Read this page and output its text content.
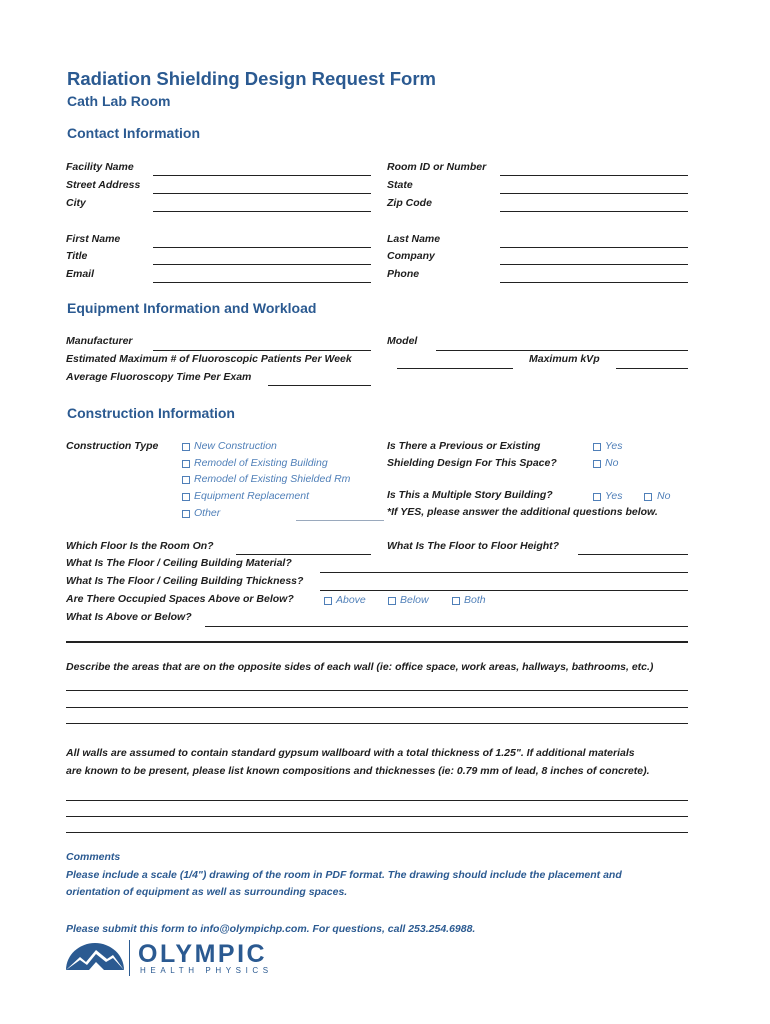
Radiation Shielding Design Request Form
Cath Lab Room
Contact Information
Facility Name	Room ID or Number
Street Address	State
City	Zip Code
First Name	Last Name
Title	Company
Email	Phone
Equipment Information and Workload
Manufacturer	Model
Estimated Maximum # of Fluoroscopic Patients Per Week	Maximum kVp
Average Fluoroscopy Time Per Exam
Construction Information
Construction Type	New Construction
Remodel of Existing Building
Remodel of Existing Shielded Rm
Equipment Replacement
Other
Is There a Previous or Existing
Shielding Design For This Space?
Yes
No
Is This a Multiple Story Building?	Yes	No
*If YES, please answer the additional questions below.
Which Floor Is the Room On?	What Is The Floor to Floor Height?
What Is The Floor / Ceiling Building Material?
What Is The Floor / Ceiling Building Thickness?
Are There Occupied Spaces Above or Below?	Above	Below	Both
What Is Above or Below?
Describe the areas that are on the opposite sides of each wall (ie: office space, work areas, hallways, bathrooms, etc.)
All walls are assumed to contain standard gypsum wallboard with a total thickness of 1.25". If additional materials
are known to be present, please list known compositions and thicknesses (ie: 0.79 mm of lead, 8 inches of concrete).
Comments
Please include a scale (1/4") drawing of the room in PDF format. The drawing should include the placement and
orientation of equipment as well as surrounding spaces.
Please submit this form to info@olympichp.com. For questions, call 253.254.6988.
OLYMPIC
HEALTH PHYSICS
